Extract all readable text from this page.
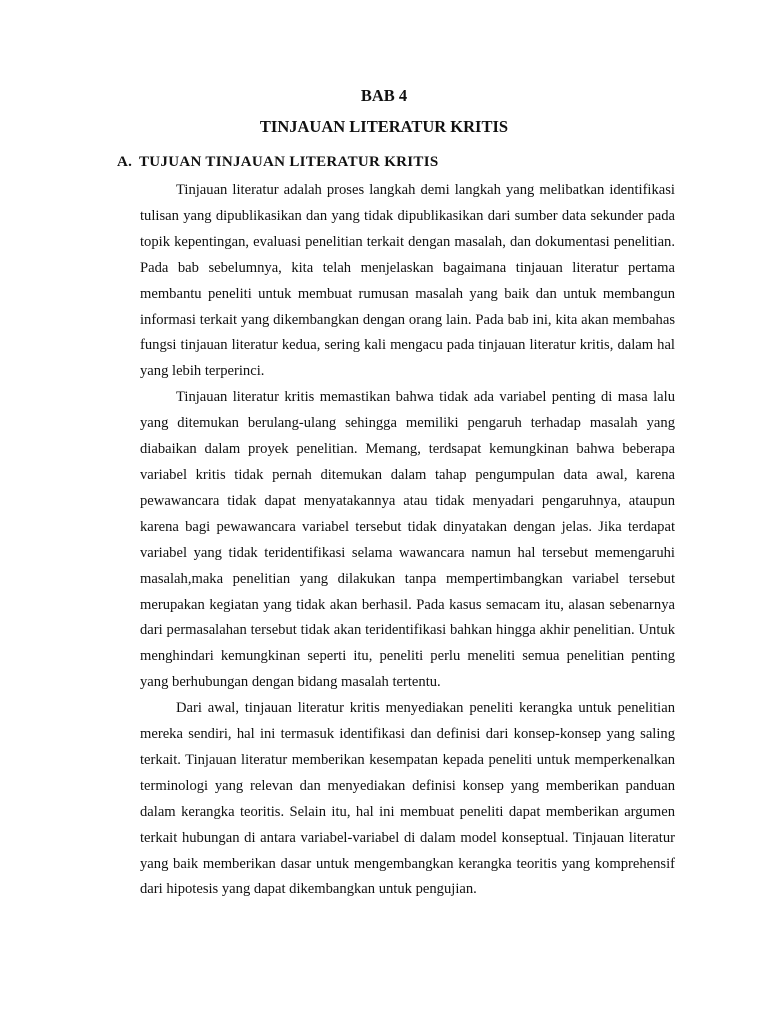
BAB 4
TINJAUAN LITERATUR KRITIS
A. TUJUAN TINJAUAN LITERATUR KRITIS

Tinjauan literatur adalah proses langkah demi langkah yang melibatkan identifikasi tulisan yang dipublikasikan dan yang tidak dipublikasikan dari sumber data sekunder pada topik kepentingan, evaluasi penelitian terkait dengan masalah, dan dokumentasi penelitian. Pada bab sebelumnya, kita telah menjelaskan bagaimana tinjauan literatur pertama membantu peneliti untuk membuat rumusan masalah yang baik dan untuk membangun informasi terkait yang dikembangkan dengan orang lain. Pada bab ini, kita akan membahas fungsi tinjauan literatur kedua, sering kali mengacu pada tinjauan literatur kritis, dalam hal yang lebih terperinci.

Tinjauan literatur kritis memastikan bahwa tidak ada variabel penting di masa lalu yang ditemukan berulang-ulang sehingga memiliki pengaruh terhadap masalah yang diabaikan dalam proyek penelitian. Memang, terdsapat kemungkinan bahwa beberapa variabel kritis tidak pernah ditemukan dalam tahap pengumpulan data awal, karena pewawancara tidak dapat menyatakannya atau tidak menyadari pengaruhnya, ataupun karena bagi pewawancara variabel tersebut tidak dinyatakan dengan jelas. Jika terdapat variabel yang tidak teridentifikasi selama wawancara namun hal tersebut memengaruhi masalah,maka penelitian yang dilakukan tanpa mempertimbangkan variabel tersebut merupakan kegiatan yang tidak akan berhasil. Pada kasus semacam itu, alasan sebenarnya dari permasalahan tersebut tidak akan teridentifikasi bahkan hingga akhir penelitian. Untuk menghindari kemungkinan seperti itu, peneliti perlu meneliti semua penelitian penting yang berhubungan dengan bidang masalah tertentu.

Dari awal, tinjauan literatur kritis menyediakan peneliti kerangka untuk penelitian mereka sendiri, hal ini termasuk identifikasi dan definisi dari konsep-konsep yang saling terkait. Tinjauan literatur memberikan kesempatan kepada peneliti untuk memperkenalkan terminologi yang relevan dan menyediakan definisi konsep yang memberikan panduan dalam kerangka teoritis. Selain itu, hal ini membuat peneliti dapat memberikan argumen terkait hubungan di antara variabel-variabel di dalam model konseptual. Tinjauan literatur yang baik memberikan dasar untuk mengembangkan kerangka teoritis yang komprehensif dari hipotesis yang dapat dikembangkan untuk pengujian.
